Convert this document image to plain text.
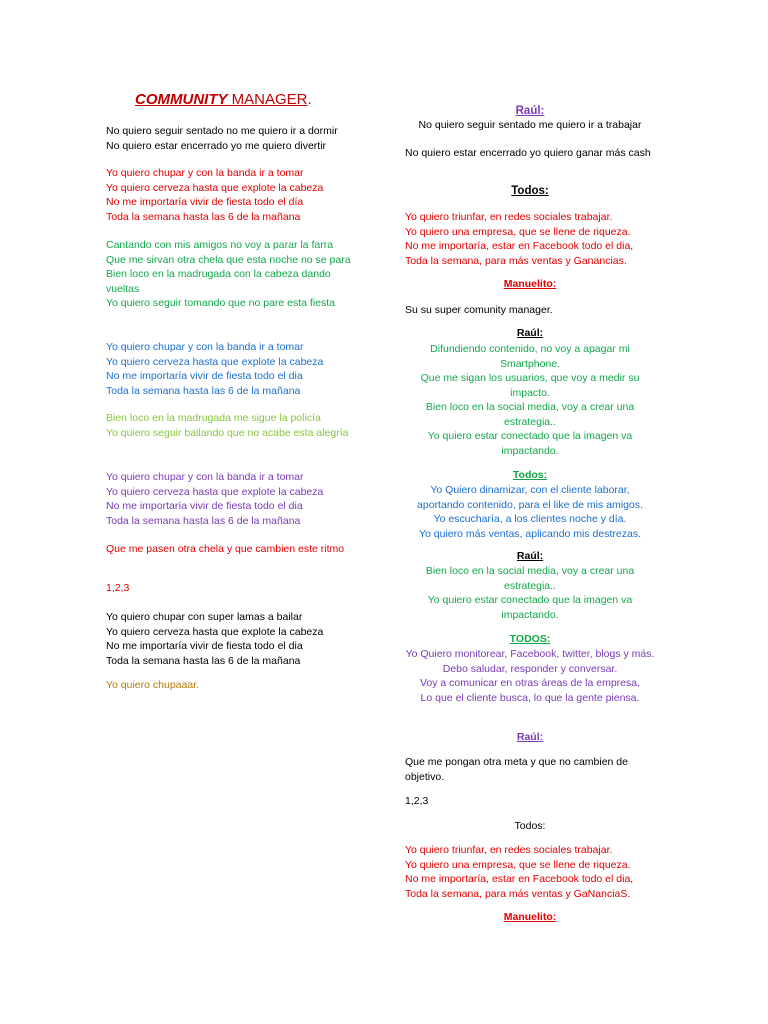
COMMUNITY MANAGER.
No quiero seguir sentado no me quiero ir a dormir
No quiero estar encerrado yo me quiero divertir
Yo quiero chupar y con la banda ir a tomar
Yo quiero cerveza hasta que explote la cabeza
No me importaría vivir de fiesta todo el día
Toda la semana hasta las 6 de la mañana
Cantando con mis amigos no voy a parar la farra
Que me sirvan otra chela que esta noche no se para
Bien loco en la madrugada con la cabeza dando vueltas
Yo quiero seguir tomando que no pare esta fiesta
Yo quiero chupar y con la banda ir a tomar
Yo quiero cerveza hasta que explote la cabeza
No me importaría vivir de fiesta todo el dia
Toda la semana hasta las 6 de la mañana
Bien loco en la madrugada me sigue la policía
Yo quiero seguir bailando que no acabe esta alegría
Yo quiero chupar y con la banda ir a tomar
Yo quiero cerveza hasta que explote la cabeza
No me importaría vivir de fiesta todo el dia
Toda la semana hasta las 6 de la mañana
Que me pasen otra chela y que cambien este ritmo
1,2,3
Yo quiero chupar con super lamas a bailar
Yo quiero cerveza hasta que explote la cabeza
No me importaría vivir de fiesta todo el dia
Toda la semana hasta las 6 de la mañana
Yo quiero chupaaar.
Raúl:
No quiero seguir sentado me quiero ir a trabajar
No quiero estar encerrado yo quiero ganar más cash
Todos:
Yo quiero triunfar, en redes sociales trabajar.
Yo quiero una empresa, que se llene de riqueza.
No me importaría, estar en Facebook todo el dia,
Toda la semana, para más ventas y Ganancias.
Manuelito:
Su su super comunity manager.
Raúl:
Difundiendo contenido, no voy a apagar mi Smartphone.
Que me sigan los usuarios, que voy a medir su impacto.
Bien loco en la social media, voy a crear una estrategia..
Yo quiero estar conectado que la imagen va impactando.
Todos:
Yo Quiero dinamizar, con el cliente laborar,
aportando contenido, para el like de mis amigos.
Yo escucharía, a los clientes noche y día.
Yo quiero más ventas, aplicando mis destrezas.
Raúl:
Bien loco en la social media, voy a crear una estrategia..
Yo quiero estar conectado que la imagen va impactando.
TODOS:
Yo Quiero monitorear, Facebook, twitter, blogs y más.
Debo saludar, responder y conversar.
Voy a comunicar en otras áreas de la empresa,
Lo que el cliente busca, lo que la gente piensa.
Raúl:
Que me pongan otra meta y que no cambien de objetivo.
1,2,3
Todos:
Yo quiero triunfar, en redes sociales trabajar.
Yo quiero una empresa, que se llene de riqueza.
No me importaría, estar en Facebook todo el dia,
Toda la semana, para más ventas y GaNanciaS.
Manuelito:
